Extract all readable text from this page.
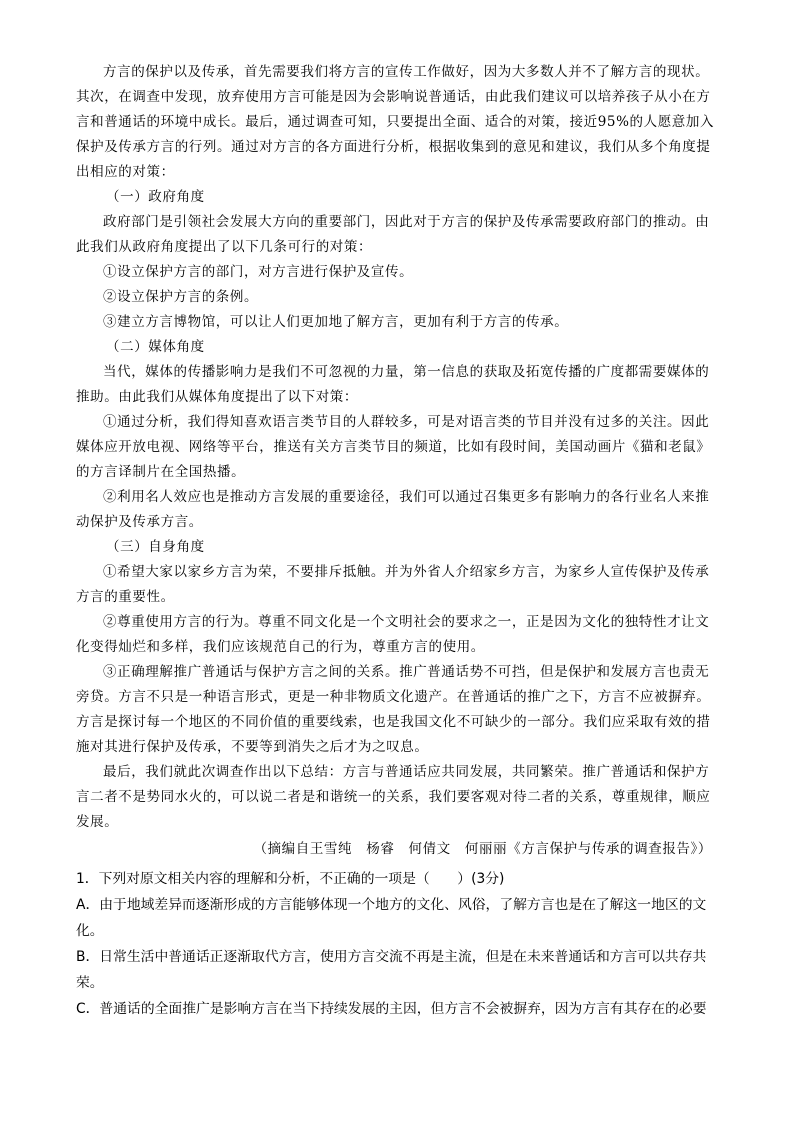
方言的保护以及传承，首先需要我们将方言的宣传工作做好，因为大多数人并不了解方言的现状。其次，在调查中发现，放弃使用方言可能是因为会影响说普通话，由此我们建议可以培养孩子从小在方言和普通话的环境中成长。最后，通过调查可知，只要提出全面、适合的对策，接近95%的人愿意加入保护及传承方言的行列。通过对方言的各方面进行分析，根据收集到的意见和建议，我们从多个角度提出相应的对策：

（一）政府角度

政府部门是引领社会发展大方向的重要部门，因此对于方言的保护及传承需要政府部门的推动。由此我们从政府角度提出了以下几条可行的对策：

①设立保护方言的部门，对方言进行保护及宣传。

②设立保护方言的条例。

③建立方言博物馆，可以让人们更加地了解方言，更加有利于方言的传承。

（二）媒体角度

当代，媒体的传播影响力是我们不可忽视的力量，第一信息的获取及拓宽传播的广度都需要媒体的推助。由此我们从媒体角度提出了以下对策：

①通过分析，我们得知喜欢语言类节目的人群较多，可是对语言类的节目并没有过多的关注。因此媒体应开放电视、网络等平台，推送有关方言类节目的频道，比如有段时间，美国动画片《猫和老鼠》的方言译制片在全国热播。

②利用名人效应也是推动方言发展的重要途径，我们可以通过召集更多有影响力的各行业名人来推动保护及传承方言。

（三）自身角度

①希望大家以家乡方言为荣，不要排斥抵触。并为外省人介绍家乡方言，为家乡人宣传保护及传承方言的重要性。

②尊重使用方言的行为。尊重不同文化是一个文明社会的要求之一，正是因为文化的独特性才让文化变得灿烂和多样，我们应该规范自己的行为，尊重方言的使用。

③正确理解推广普通话与保护方言之间的关系。推广普通话势不可挡，但是保护和发展方言也责无旁贷。方言不只是一种语言形式，更是一种非物质文化遗产。在普通话的推广之下，方言不应被摒弃。方言是探讨每一个地区的不同价值的重要线索，也是我国文化不可缺少的一部分。我们应采取有效的措施对其进行保护及传承，不要等到消失之后才为之叹息。

最后，我们就此次调查作出以下总结：方言与普通话应共同发展，共同繁荣。推广普通话和保护方言二者不是势同水火的，可以说二者是和谐统一的关系，我们要客观对待二者的关系，尊重规律，顺应发展。

（摘编自王雪纯　杨睿　何倩文　何丽丽《方言保护与传承的调查报告》）

1．下列对原文相关内容的理解和分析，不正确的一项是（　　）(3分)

A．由于地域差异而逐渐形成的方言能够体现一个地方的文化、风俗，了解方言也是在了解这一地区的文化。

B．日常生活中普通话正逐渐取代方言，使用方言交流不再是主流，但是在未来普通话和方言可以共存共荣。

C．普通话的全面推广是影响方言在当下持续发展的主因，但方言不会被摒弃，因为方言有其存在的必要
